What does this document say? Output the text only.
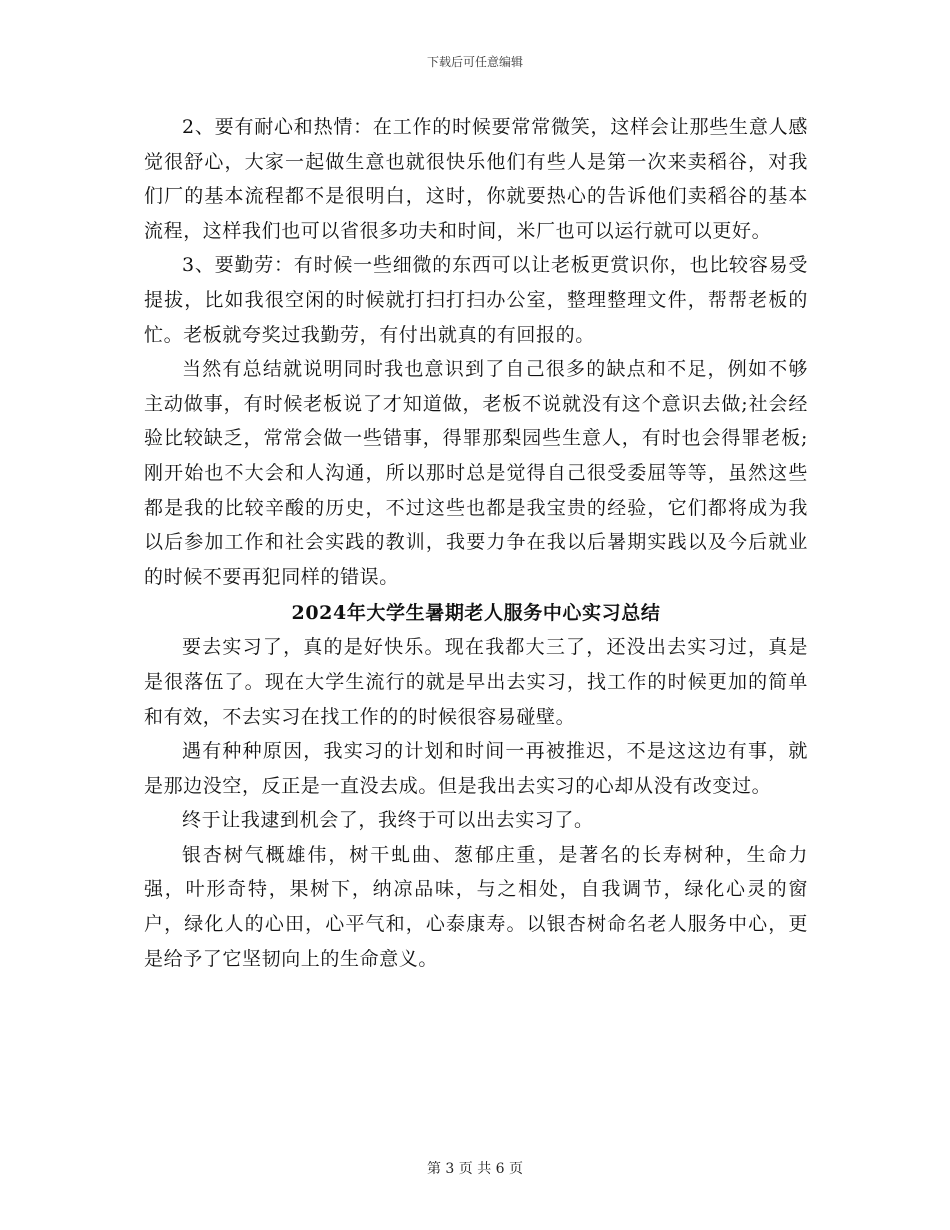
下载后可任意编辑

2、要有耐心和热情：在工作的时候要常常微笑，这样会让那些生意人感觉很舒心，大家一起做生意也就很快乐他们有些人是第一次来卖稻谷，对我们厂的基本流程都不是很明白，这时，你就要热心的告诉他们卖稻谷的基本流程，这样我们也可以省很多功夫和时间，米厂也可以运行就可以更好。

3、要勤劳：有时候一些细微的东西可以让老板更赏识你，也比较容易受提拔，比如我很空闲的时候就打扫打扫办公室，整理整理文件，帮帮老板的忙。老板就夸奖过我勤劳，有付出就真的有回报的。

当然有总结就说明同时我也意识到了自己很多的缺点和不足，例如不够主动做事，有时候老板说了才知道做，老板不说就没有这个意识去做;社会经验比较缺乏，常常会做一些错事，得罪那梨园些生意人，有时也会得罪老板;刚开始也不大会和人沟通，所以那时总是觉得自己很受委屈等等，虽然这些都是我的比较辛酸的历史，不过这些也都是我宝贵的经验，它们都将成为我以后参加工作和社会实践的教训，我要力争在我以后暑期实践以及今后就业的时候不要再犯同样的错误。

2024年大学生暑期老人服务中心实习总结

要去实习了，真的是好快乐。现在我都大三了，还没出去实习过，真是是很落伍了。现在大学生流行的就是早出去实习，找工作的时候更加的简单和有效，不去实习在找工作的的时候很容易碰壁。

遇有种种原因，我实习的计划和时间一再被推迟，不是这这边有事，就是那边没空，反正是一直没去成。但是我出去实习的心却从没有改变过。

终于让我逮到机会了，我终于可以出去实习了。

银杏树气概雄伟，树干虬曲、葱郁庄重，是著名的长寿树种，生命力强，叶形奇特，果树下，纳凉品味，与之相处，自我调节，绿化心灵的窗户，绿化人的心田，心平气和，心泰康寿。以银杏树命名老人服务中心，更是给予了它坚韧向上的生命意义。

第 3 页 共 6 页
